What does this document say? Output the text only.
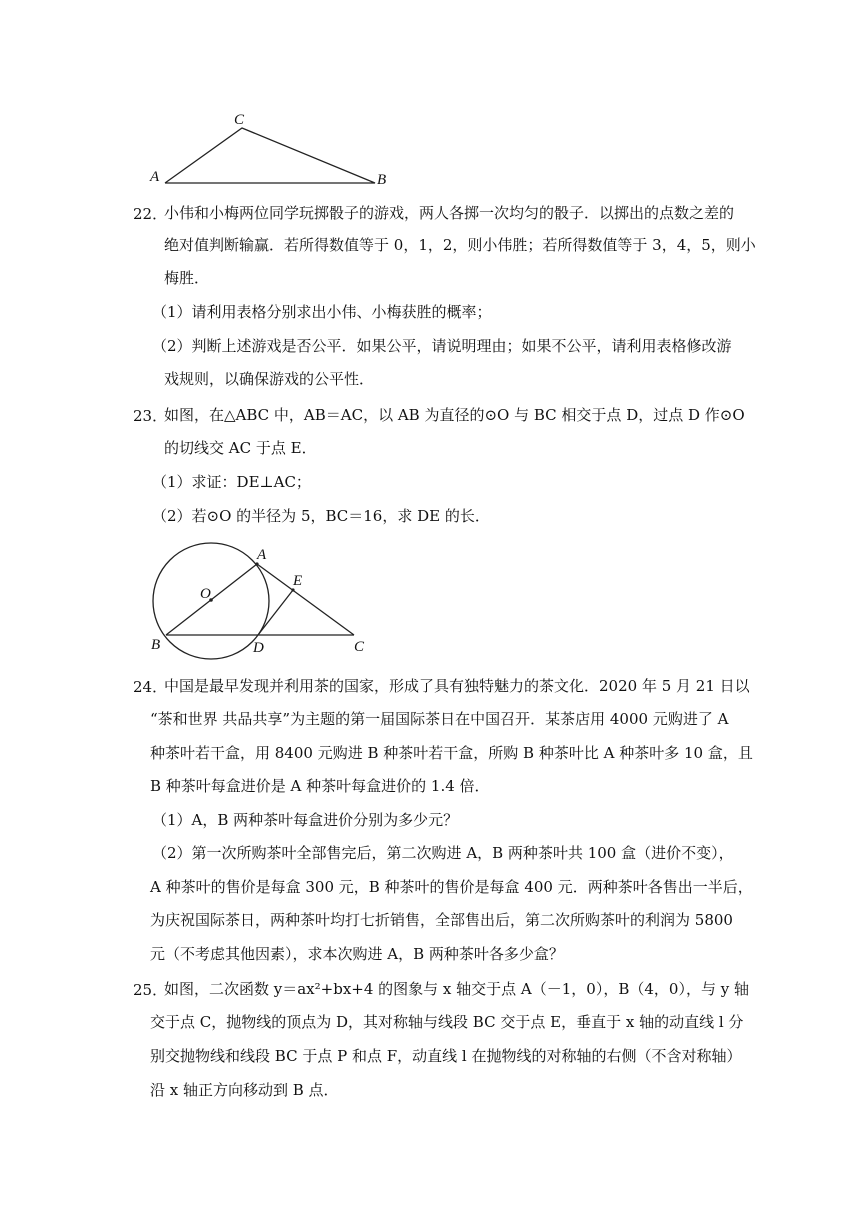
A
C
B
22．
小伟和小梅两位同学玩掷骰子的游戏，两人各掷一次均匀的骰子．以掷出的点数之差的
绝对值判断输赢．若所得数值等于 0，1，2，则小伟胜；若所得数值等于 3，4，5，则小
梅胜．
（1）请利用表格分别求出小伟、小梅获胜的概率；
（2）判断上述游戏是否公平．如果公平，请说明理由；如果不公平，请利用表格修改游
戏规则，以确保游戏的公平性．
23．
如图，在△ABC 中，AB＝AC，以 AB 为直径的⊙O 与 BC 相交于点 D，过点 D 作⊙O
的切线交 AC 于点 E．
（1）求证：DE⊥AC；
（2）若⊙O 的半径为 5，BC＝16，求 DE 的长．
A
O
E
B	D	C
24．
中国是最早发现并利用茶的国家，形成了具有独特魅力的茶文化．2020 年 5 月 21 日以
“茶和世界 共品共享”为主题的第一届国际茶日在中国召开．某茶店用 4000 元购进了 A
种茶叶若干盒，用 8400 元购进 B 种茶叶若干盒，所购 B 种茶叶比 A 种茶叶多 10 盒，且
B 种茶叶每盒进价是 A 种茶叶每盒进价的 1.4 倍．
（1）A，B 两种茶叶每盒进价分别为多少元？
（2）第一次所购茶叶全部售完后，第二次购进 A，B 两种茶叶共 100 盒（进价不变），
A 种茶叶的售价是每盒 300 元，B 种茶叶的售价是每盒 400 元．两种茶叶各售出一半后，
为庆祝国际茶日，两种茶叶均打七折销售，全部售出后，第二次所购茶叶的利润为 5800
元（不考虑其他因素），求本次购进 A，B 两种茶叶各多少盒？
25．
如图，二次函数 y＝ax²+bx+4 的图象与 x 轴交于点 A（－1，0），B（4，0），与 y 轴
交于点 C，抛物线的顶点为 D，其对称轴与线段 BC 交于点 E，垂直于 x 轴的动直线 l 分
别交抛物线和线段 BC 于点 P 和点 F，动直线 l 在抛物线的对称轴的右侧（不含对称轴）
沿 x 轴正方向移动到 B 点．
